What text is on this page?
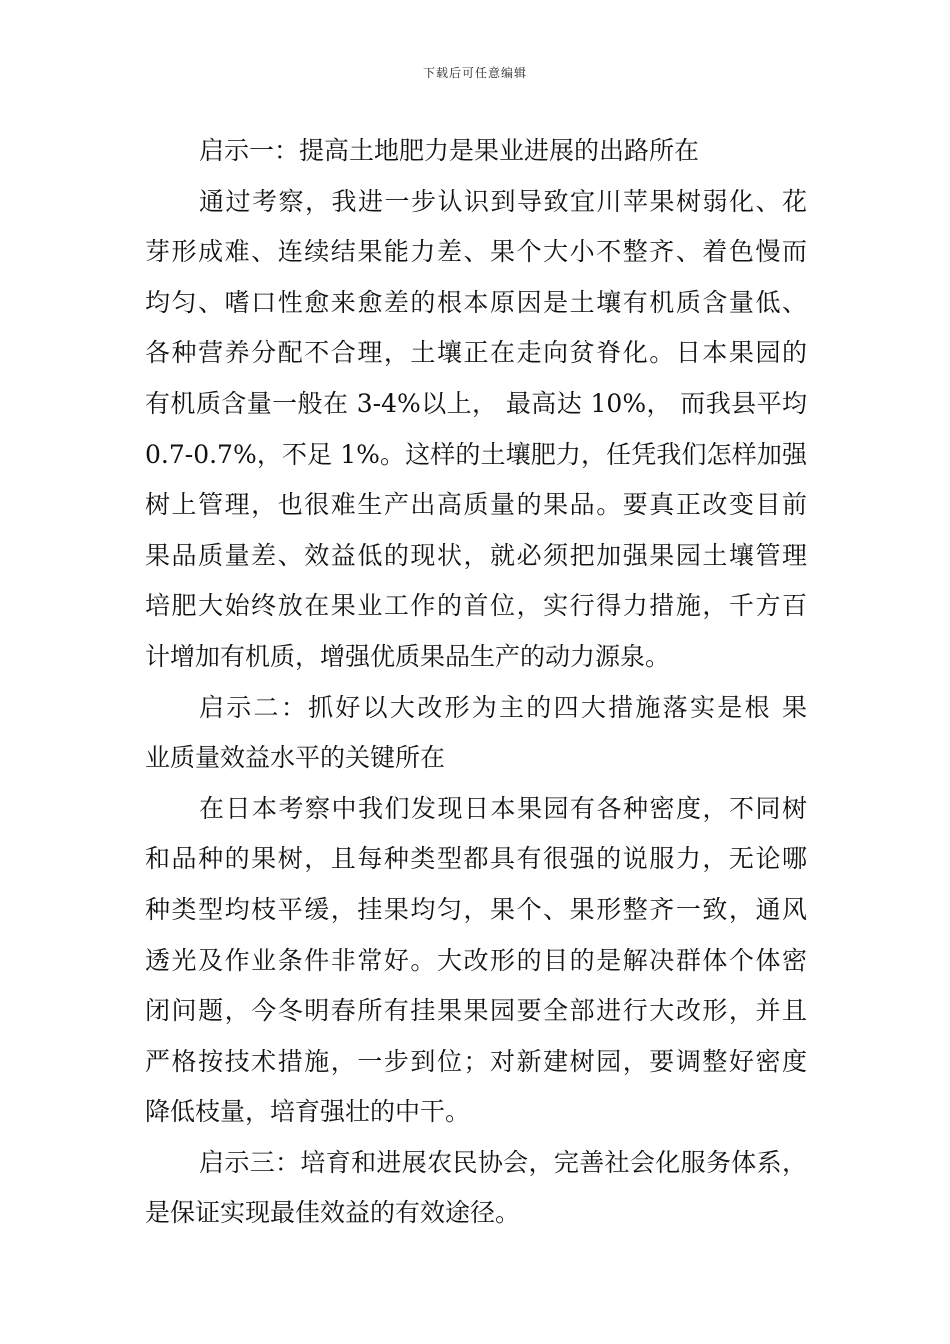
下载后可任意编辑
启示一：提高土地肥力是果业进展的出路所在
通过考察，我进一步认识到导致宜川苹果树弱化、花
芽形成难、连续结果能力差、果个大小不整齐、着色慢而
均匀、嗜口性愈来愈差的根本原因是土壤有机质含量低、
各种营养分配不合理，土壤正在走向贫脊化。日本果园的
有机质含量一般在 3-4%以上， 最高达 10%， 而我县平均
0.7-0.7%，不足 1%。这样的土壤肥力，任凭我们怎样加强
树上管理，也很难生产出高质量的果品。要真正改变目前
果品质量差、效益低的现状，就必须把加强果园土壤管理
培肥大始终放在果业工作的首位，实行得力措施，千方百
计增加有机质，增强优质果品生产的动力源泉。
启示二：抓好以大改形为主的四大措施落实是根 果
业质量效益水平的关键所在
在日本考察中我们发现日本果园有各种密度，不同树
和品种的果树，且每种类型都具有很强的说服力，无论哪
种类型均枝平缓，挂果均匀，果个、果形整齐一致，通风
透光及作业条件非常好。大改形的目的是解决群体个体密
闭问题，今冬明春所有挂果果园要全部进行大改形，并且
严格按技术措施，一步到位；对新建树园，要调整好密度
降低枝量，培育强壮的中干。
启示三：培育和进展农民协会，完善社会化服务体系，
是保证实现最佳效益的有效途径。
